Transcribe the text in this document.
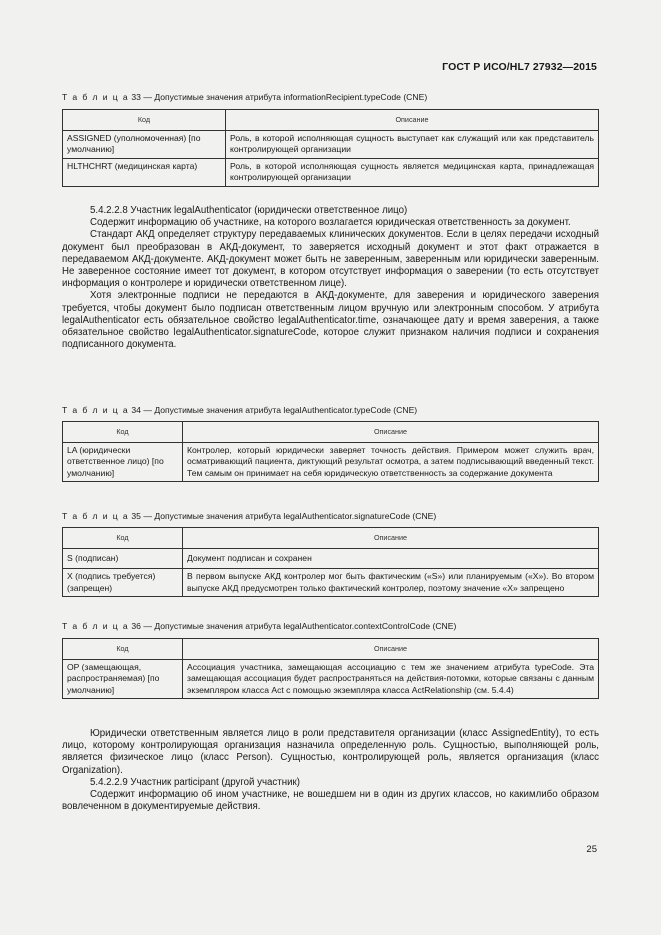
ГОСТ Р ИСО/HL7 27932—2015
Т а б л и ц а 33 — Допустимые значения атрибута informationRecipient.typeCode (CNE)
Код	Описание
ASSIGNED (уполномоченная) [по умолчанию]	Роль, в которой исполняющая сущность выступает как служащий или как представитель контролирующей организации
HLTHCHRT (медицинская карта)	Роль, в которой исполняющая сущность является медицинская карта, принадлежащая контролирующей организации

5.4.2.2.8 Участник legalAuthenticator (юридически ответственное лицо)

Содержит информацию об участнике, на которого возлагается юридическая ответственность за документ.

Стандарт АКД определяет структуру передаваемых клинических документов. Если в целях передачи исходный документ был преобразован в АКД-документ, то заверяется исходный документ и этот факт отражается в передаваемом АКД-документе. АКД-документ может быть не заверенным, заверенным или юридически заверенным. Не заверенное состояние имеет тот документ, в котором отсутствует информация о заверении (то есть отсутствует информация о контролере и юридически ответственном лице).

Хотя электронные подписи не передаются в АКД-документе, для заверения и юридического заверения требуется, чтобы документ было подписан ответственным лицом вручную или электронным способом. У атрибута legalAuthenticator есть обязательное свойство legalAuthenticator.time, означающее дату и время заверения, а также обязательное свойство legalAuthenticator.signatureCode, которое служит признаком наличия подписи и сохранения подписанного документа.

Т а б л и ц а 34 — Допустимые значения атрибута legalAuthenticator.typeCode (CNE)
Код	Описание
LA (юридически ответственное лицо) [по умолчанию]	Контролер, который юридически заверяет точность действия. Примером может служить врач, осматривающий пациента, диктующий результат осмотра, а затем подписывающий введенный текст. Тем самым он принимает на себя юридическую ответственность за содержание документа
Т а б л и ц а 35 — Допустимые значения атрибута legalAuthenticator.signatureCode (CNE)
Код	Описание
S (подписан)	Документ подписан и сохранен
X (подпись требуется) (запрещен)	В первом выпуске АКД контролер мог быть фактическим («S») или планируемым («X»). Во втором выпуске АКД предусмотрен только фактический контролер, поэтому значение «X» запрещено
Т а б л и ц а 36 — Допустимые значения атрибута legalAuthenticator.contextControlCode (CNE)
Код	Описание
OP (замещающая, распространяемая) [по умолчанию]	Ассоциация участника, замещающая ассоциацию с тем же значением атрибута typeCode. Эта замещающая ассоциация будет распространяться на действия-потомки, которые связаны с данным экземпляром класса Act с помощью экземпляра класса ActRelationship (см. 5.4.4)

Юридически ответственным является лицо в роли представителя организации (класс AssignedEntity), то есть лицо, которому контролирующая организация назначила определенную роль. Сущностью, выполняющей роль, является физическое лицо (класс Person). Сущностью, контролирующей роль, является организация (класс Organization).

5.4.2.2.9 Участник participant (другой участник)

Содержит информацию об ином участнике, не вошедшем ни в один из других классов, но какимлибо образом вовлеченном в документируемые действия.

25
